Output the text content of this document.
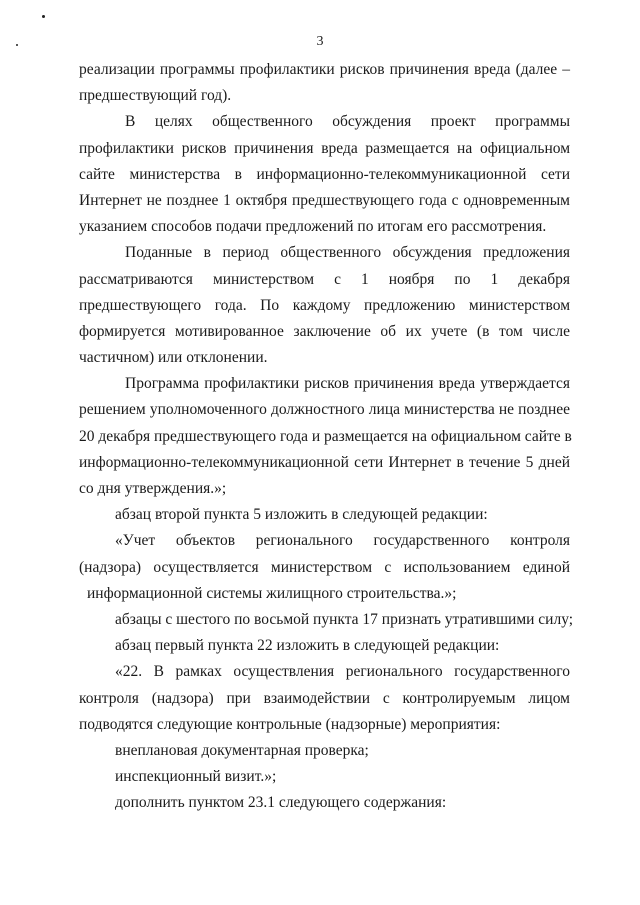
3
реализации программы профилактики рисков причинения вреда (далее –
предшествующий год).
В целях общественного обсуждения проект программы
профилактики рисков причинения вреда размещается на официальном
сайте министерства в информационно-телекоммуникационной сети
Интернет не позднее 1 октября предшествующего года с одновременным
указанием способов подачи предложений по итогам его рассмотрения.
Поданные в период общественного обсуждения предложения
рассматриваются министерством с 1 ноября по 1 декабря
предшествующего года. По каждому предложению министерством
формируется мотивированное заключение об их учете (в том числе
частичном) или отклонении.
Программа профилактики рисков причинения вреда утверждается
решением уполномоченного должностного лица министерства не позднее
20 декабря предшествующего года и размещается на официальном сайте в
информационно-телекоммуникационной сети Интернет в течение 5 дней
со дня утверждения.»;
абзац второй пункта 5 изложить в следующей редакции:
«Учет объектов регионального государственного контроля
(надзора) осуществляется министерством с использованием единой
информационной системы жилищного строительства.»;
абзацы с шестого по восьмой пункта 17 признать утратившими силу;
абзац первый пункта 22 изложить в следующей редакции:
«22. В рамках осуществления регионального государственного
контроля (надзора) при взаимодействии с контролируемым лицом
подводятся следующие контрольные (надзорные) мероприятия:
внеплановая документарная проверка;
инспекционный визит.»;
дополнить пунктом 23.1 следующего содержания:
